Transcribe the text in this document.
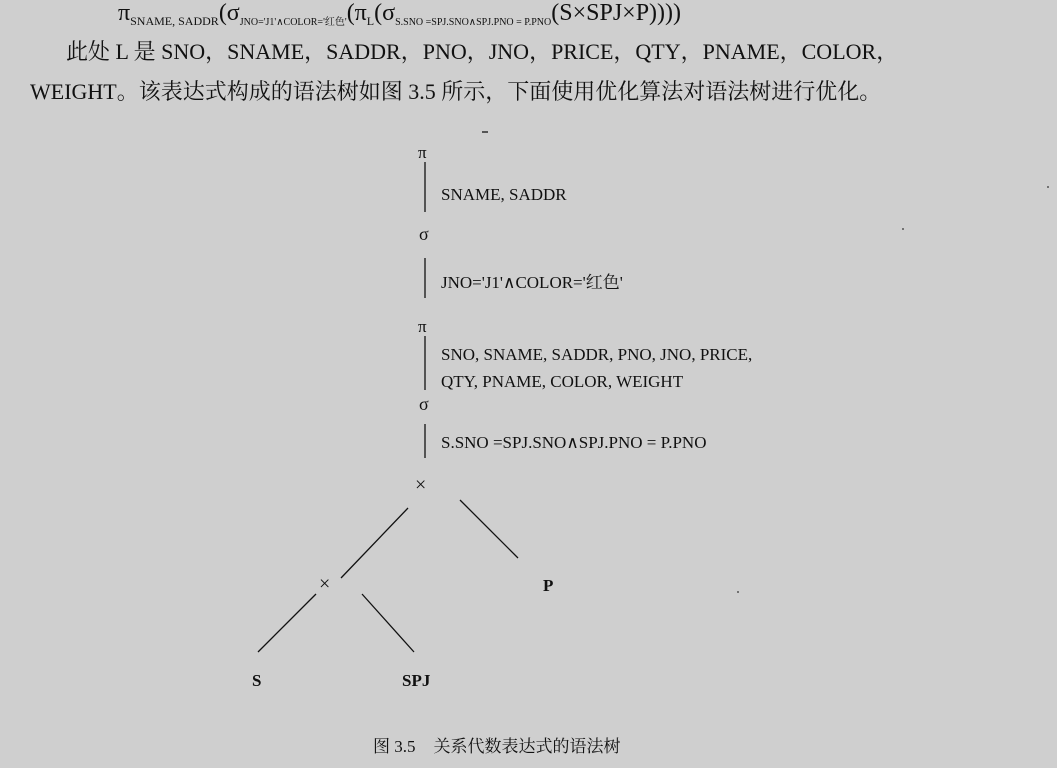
$\pi_{SNAME, SADDR}(\sigma_{JNO='J1'\wedge COLOR='红色'}(\pi_L(\sigma_{S.SNO =SPJ.SNO\wedge SPJ.PNO = P.PNO}(S\times SPJ\times P))))$
此处 L 是 SNO，SNAME，SADDR，PNO，JNO，PRICE，QTY，PNAME，COLOR，
WEIGHT。该表达式构成的语法树如图 3.5 所示，下面使用优化算法对语法树进行优化。
π
SNAME, SADDR
σ
JNO='J1'∧COLOR='红色'
π
SNO, SNAME, SADDR, PNO, JNO, PRICE,
QTY, PNAME, COLOR, WEIGHT
σ
S.SNO =SPJ.SNO∧SPJ.PNO = P.PNO
×
×	P
S	SPJ
图 3.5 关系代数表达式的语法树
